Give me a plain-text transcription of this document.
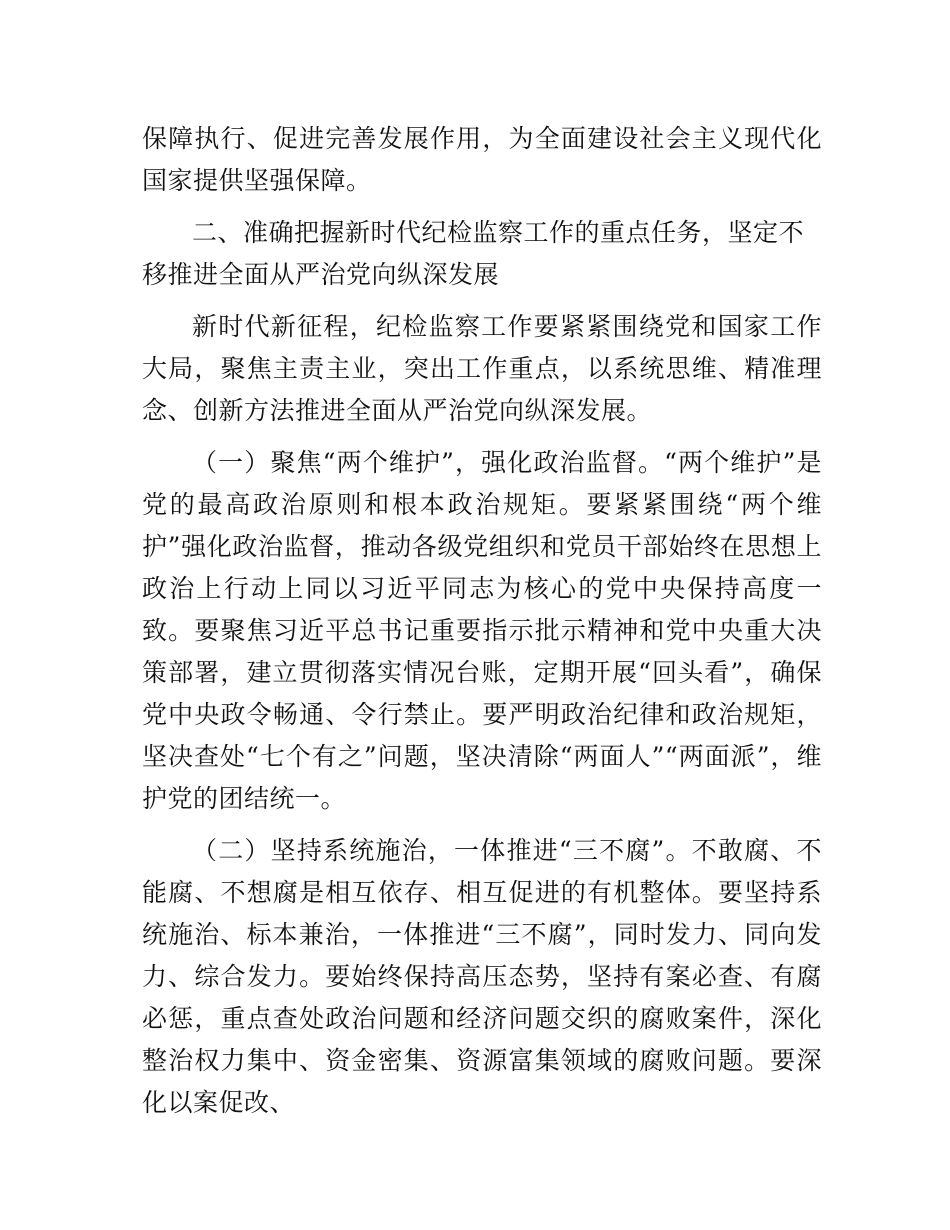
保障执行、促进完善发展作用，为全面建设社会主义现代化国家提供坚强保障。

二、准确把握新时代纪检监察工作的重点任务，坚定不移推进全面从严治党向纵深发展

新时代新征程，纪检监察工作要紧紧围绕党和国家工作大局，聚焦主责主业，突出工作重点，以系统思维、精准理念、创新方法推进全面从严治党向纵深发展。

（一）聚焦“两个维护”，强化政治监督。“两个维护”是党的最高政治原则和根本政治规矩。要紧紧围绕“两个维护”强化政治监督，推动各级党组织和党员干部始终在思想上政治上行动上同以习近平同志为核心的党中央保持高度一致。要聚焦习近平总书记重要指示批示精神和党中央重大决策部署，建立贯彻落实情况台账，定期开展“回头看”，确保党中央政令畅通、令行禁止。要严明政治纪律和政治规矩，坚决查处“七个有之”问题，坚决清除“两面人”“两面派”，维护党的团结统一。

（二）坚持系统施治，一体推进“三不腐”。不敢腐、不能腐、不想腐是相互依存、相互促进的有机整体。要坚持系统施治、标本兼治，一体推进“三不腐”，同时发力、同向发力、综合发力。要始终保持高压态势，坚持有案必查、有腐必惩，重点查处政治问题和经济问题交织的腐败案件，深化整治权力集中、资金密集、资源富集领域的腐败问题。要深化以案促改、
